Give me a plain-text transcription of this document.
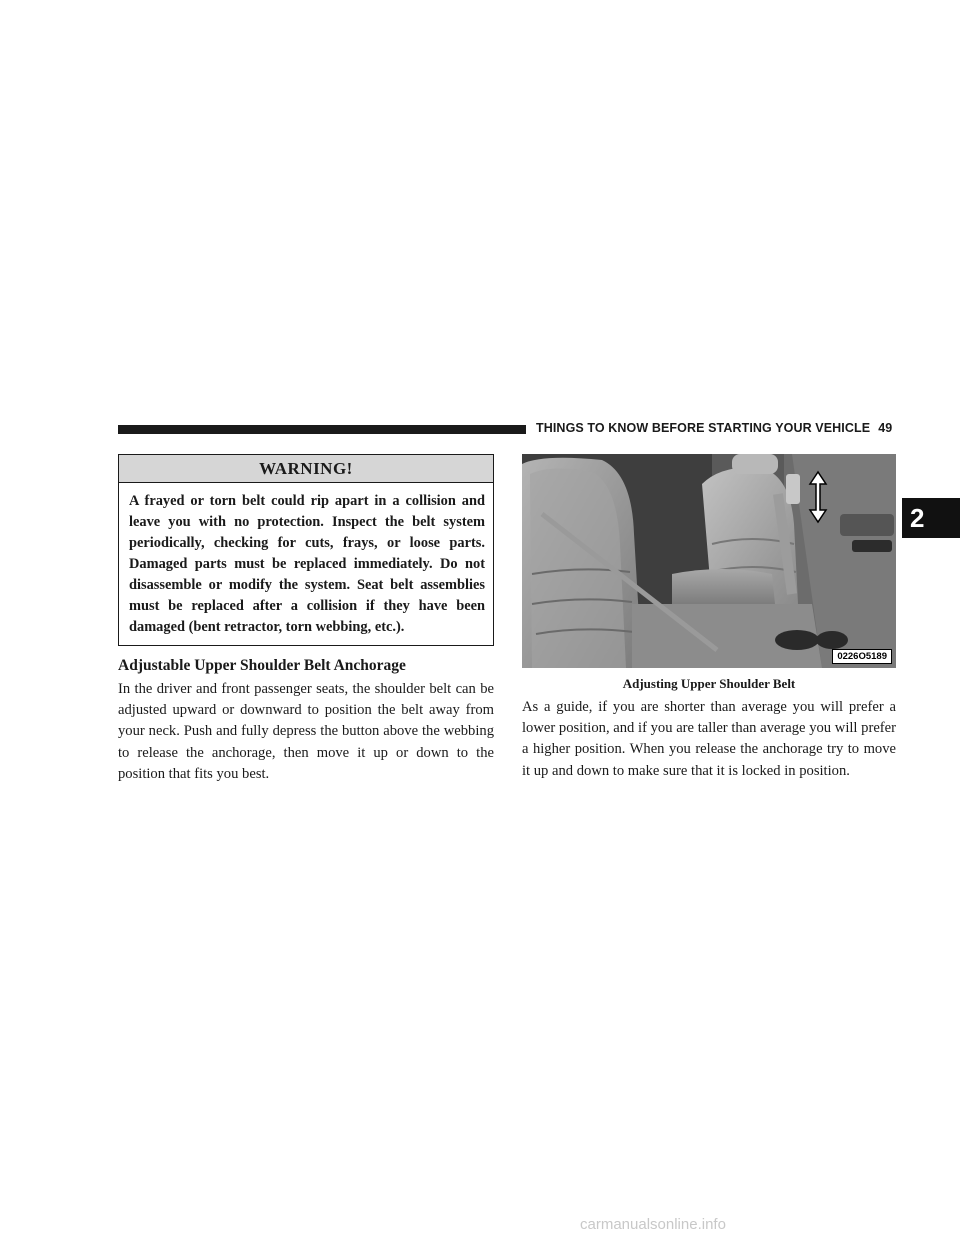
THINGS TO KNOW BEFORE STARTING YOUR VEHICLE 49
2
WARNING!
A frayed or torn belt could rip apart in a collision and leave you with no protection. Inspect the belt system periodically, checking for cuts, frays, or loose parts. Damaged parts must be replaced immediately. Do not disassemble or modify the system. Seat belt assemblies must be replaced after a collision if they have been damaged (bent retractor, torn webbing, etc.).
Adjustable Upper Shoulder Belt Anchorage
In the driver and front passenger seats, the shoulder belt can be adjusted upward or downward to position the belt away from your neck. Push and fully depress the button above the webbing to release the anchorage, then move it up or down to the position that fits you best.
0226O5189
Adjusting Upper Shoulder Belt
As a guide, if you are shorter than average you will prefer a lower position, and if you are taller than average you will prefer a higher position. When you release the anchorage try to move it up and down to make sure that it is locked in position.
carmanualsonline.info
